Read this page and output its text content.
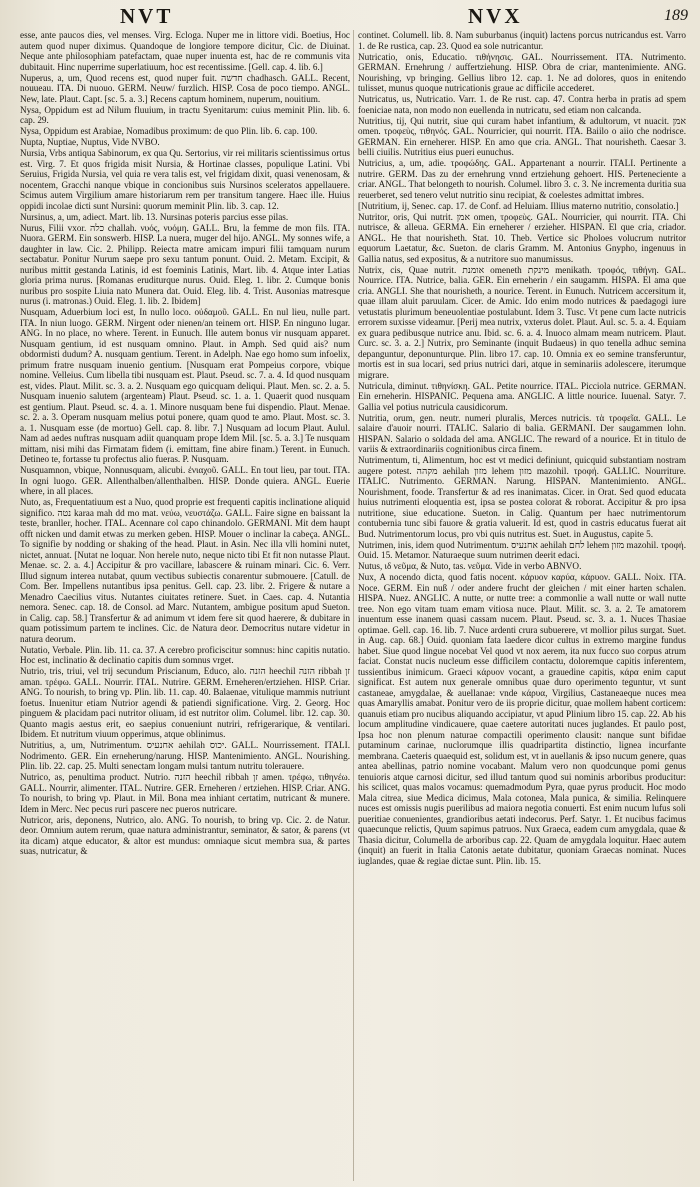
NVT	NVX	189

esse, ante paucos dies, vel menses. Virg. Ecloga. Nuper me in littore vidi. Boetius, Hoc autem quod nuper diximus. Quandoque de longiore tempore dicitur, Cic. de Diuinat. Neque ante philosophiam patefactam, quae nuper inuenta est, hac de re communis vita dubitauit. Hinc nuperrime superlatiuum, hoc est recentissime. [Gell. cap. 4. lib. 6.]

Nuperus, a, um, Quod recens est, quod nuper fuit. חדשה chadhasch. GALL. Recent, nouueau. ITA. Di nuouo. GERM. Neuw/ furzlich. HISP. Cosa de poco tiempo. ANGL. New, late. Plaut. Capt. [sc. 5. a. 3.] Recens captum hominem, nuperum, nouitium.

Nysa, Oppidum est ad Nilum fluuium, in tractu Syenitarum: cuius meminit Plin. lib. 6. cap. 29.

Nysa, Oppidum est Arabiae, Nomadibus proximum: de quo Plin. lib. 6. cap. 100.

Nupta, Nuptiae, Nuptus, Vide NVBO.

Nursia, Vrbs antiqua Sabinorum, ex qua Qu. Sertorius, vir rei militaris scientissimus ortus est. Virg. 7. Et quos frigida misit Nursia, & Hortinae classes, populique Latini. Vbi Seruius, Frigida Nursia, vel quia re vera talis est, vel frigidam dixit, quasi venenosam, & nocentem, Gracchi nanque vbique in concionibus suis Nursinos sceleratos appellauere. Scimus autem Virgilium amare historiarum rem per transitum tangere. Haec ille. Huius oppidi incolae dicti sunt Nursini: quorum meminit Plin. lib. 3. cap. 12.

Nursinus, a, um, adiect. Mart. lib. 13. Nursinas poteris parcius esse pilas.

Nurus, Filii vxor. כלה challah. νυός, νυόμη. GALL. Bru, la femme de mon fils. ITA. Nuora. GERM. Ein sonswerb. HISP. La nuera, muger del hijo. ANGL. My sonnes wife, a daughter in law. Cic. 2. Philipp. Reiecta matre amicam impuri filii tamquam nurum sectabatur. Ponitur Nurum saepe pro sexu tantum ponunt. Ouid. 2. Metam. Excipit, & nuribus mittit gestanda Latinis, id est foeminis Latinis, Mart. lib. 4. Atque inter Latias gloria prima nurus. [Romanas eruditurque nurus. Ouid. Eleg. 1. libr. 2. Cumque bonis nuribus pro sospite Liuia nato Munera dat. Ouid. Eleg. lib. 4. Trist. Ausonias matresque nurus (i. matronas.) Ouid. Eleg. 1. lib. 2. Ibidem]

Nusquam, Aduerbium loci est, In nullo loco. οὐδαμοῦ. GALL. En nul lieu, nulle part. ITA. In niun luogo. GERM. Nirgent oder nienen/an teinem ort. HISP. En ninguno lugar. ANG. In no place, no where. Terent. in Eunuch. Ille autem bonus vir nusquam apparet. Nusquam gentium, id est nusquam omnino. Plaut. in Amph. Sed quid ais? num obdormisti dudum? A. nusquam gentium. Terent. in Adelph. Nae ego homo sum infoelix, primum fratre nusquam inuenio gentium. [Nusquam erat Pompeius corpore, vbique nomine. Velleius. Cum libella tibi nusquam est. Plaut. Pseud. sc. 7. a. 4. Id quod nusquam est, vides. Plaut. Milit. sc. 3. a. 2. Nusquam ego quicquam deliqui. Plaut. Men. sc. 2. a. 5. Nusquam inuenio salutem (argenteam) Plaut. Pseud. sc. 1. a. 1. Quaerit quod nusquam est gentium. Plaut. Pseud. sc. 4. a. 1. Minore nusquam bene fui dispendio. Plaut. Menae. sc. 2. a. 3. Operam nusquam melius potui ponere, quam quod te amo. Plaut. Most. sc. 3. a. 1. Nusquam esse (de mortuo) Gell. cap. 8. libr. 7.] Nusquam ad locum Plaut. Aulul. Nam ad aedes nuftras nusquam adiit quanquam prope Idem Mil. [sc. 5. a. 3.] Te nusquam mittam, nisi mihi das Firmatam fidem (i. emittam, fine abire finam.) Terent. in Eunuch. Detineo te, fortasse tu profectus alio fueras. P. Nusquam.

Nusquamnon, vbique, Nonnusquam, alicubi. ἐνιαχοῦ. GALL. En tout lieu, par tout. ITA. In ogni luogo. GER. Allenthalben/allenthalben. HISP. Donde quiera. ANGL. Euerie where, in all places.

Nuto, as, Frequentatiuum est a Nuo, quod proprie est frequenti capitis inclinatione aliquid significo. נטה karaa mah dd mo mat. νεύω, νευστάζω. GALL. Faire signe en baissant la teste, branller, hocher. ITAL. Acennare col capo chinandolo. GERMANI. Mit dem haupt offt nicken und damit etwas zu merken geben. HISP. Mouer o inclinar la cabeça. ANGL. To signifie by nodding or shaking of the head. Plaut. in Asin. Nec illa vlli homini nutet, nictet, annuat. [Nutat ne loquar. Non herele nuto, neque nicto tibi Et fit non nutasse Plaut. Menae. sc. 2. a. 4.] Accipitur & pro vacillare, labascere & ruinam minari. Cic. 6. Verr. Illud signum interea nutabat, quum vectibus subiectis conarentur submouere. [Catull. de Com. Ber. Impellens nutantibus ipsa penitus. Gell. cap. 23. libr. 2. Frigere & nutare a Menadro Caecilius vitus. Nutantes ciuitates retinere. Suet. in Caes. cap. 4. Nutantia nemora. Senec. cap. 18. de Consol. ad Marc. Nutantem, ambigue positum apud Sueton. in Calig. cap. 58.] Transfertur & ad animum vt idem fere sit quod haerere, & dubitare in quam potissimum partem te inclines. Cic. de Natura deor. Democritus nutare videtur in natura deorum.

Nutatio, Verbale. Plin. lib. 11. ca. 37. A cerebro proficiscitur somnus: hinc capitis nutatio. Hoc est, inclinatio & declinatio capitis dum somnus vrget.

Nutrio, tris, triui, vel trij secundum Priscianum, Educo, alo. הזנה heechil הזנה ribbah זן aman. τρέφω. GALL. Nourrir. ITAL. Nutrire. GERM. Erneheren/ertziehen. HISP. Criar. ANG. To nourish, to bring vp. Plin. lib. 11. cap. 40. Balaenae, vitulique mammis nutriunt foetus. Inuenitur etiam Nutrior agendi & patiendi significatione. Virg. 2. Georg. Hoc pinguem & placidam paci nutritor oliuam, id est nutritor olim. Columel. libr. 12. cap. 30. Quanto magis aestus erit, eo saepius conueniunt nutriri, refrigerarique, & ventilari. Ibidem. Et nutritum viuum opperimus, atque oblinimus.

Nutritius, a, um, Nutrimentum. אחנעיס aehilah יכוס. GALL. Nourrissement. ITALI. Nodrimento. GER. Ein erneherung/narung. HISP. Mantenimiento. ANGL. Nourishing. Plin. lib. 22. cap. 25. Multi senectam longam mulsi tantum nutritu tolerauere.

Nutrico, as, penultima product. Nutrio. הזנה heechil ribbah זן amen. τρέφω, τιθηνέω. GALL. Nourrir, alimenter. ITAL. Nutrire. GER. Erneheren / ertziehen. HISP. Criar. ANG. To nourish, to bring vp. Plaut. in Mil. Bona mea inhiant certatim, nutricant & munere. Idem in Merc. Nec pecus ruri pascere nec pueros nutricare.

Nutricor, aris, deponens, Nutrico, alo. ANG. To nourish, to bring vp. Cic. 2. de Natur. deor. Omnium autem rerum, quae natura administrantur, seminator, & sator, & parens (vt ita dicam) atque educator, & altor est mundus: omniaque sicut membra sua, & partes suas, nutricatur, &

continet. Columell. lib. 8. Nam suburbanus (inquit) lactens porcus nutricandus est. Varro 1. de Re rustica, cap. 23. Quod ea sole nutricantur.

Nutricatio, onis, Educatio. τιθήνησις. GAL. Nourrissement. ITA. Nutrimento. GERMAN. Ernehrung / auffertziehung. HISP. Obra de criar, mantenimiente. ANG. Nourishing, vp bringing. Gellius libro 12. cap. 1. Ne ad dolores, quos in enitendo tulisset, munus quoque nutricationis graue ac difficile accederet.

Nutricatus, us, Nutricatio. Varr. 1. de Re rust. cap. 47. Contra herba in pratis ad spem foeniciae nata, non modo non euellenda in nutricatu, sed etiam non calcanda.

Nutritius, tij, Qui nutrit, siue qui curam habet infantium, & adultorum, vt nuacit. אמן omen. τροφεὺς, τιθηνός. GAL. Nourricier, qui nourrit. ITA. Baiilo o aiio che nodrisce. GERMAN. Ein erneherer. HISP. En amo que cria. ANGL. That nourisheth. Caesar 3. belli ciuilis. Nutritius eius pueri eunuchus.

Nutricius, a, um, adie. τροφώδης. GAL. Appartenant a nourrir. ITALI. Pertinente a nutrire. GERM. Das zu der ernehrung vnnd ertziehung gehoert. HIS. Perteneciente a criar. ANGL. That belongeth to nourish. Columel. libro 3. c. 3. Ne incrementa duritia sua reuerberet, sed tenero velut nutritio sinu recipiat, & coelestes admittat imbres.

[Nutritium, ij, Senec. cap. 17. de Conf. ad Heluiam. Illius materno nutritio, consolatio.]

Nutritor, oris, Qui nutrit. אמן omen, τροφεὺς. GAL. Nourricier, qui nourrit. ITA. Chi nutrisce, & alleua. GERMA. Ein erneherer / erzieher. HISPAN. El que cria, criador. ANGL. He that nourisheth. Stat. 10. Theb. Vertice sic Pholoes volucrum nutritor equorum Laetatur, &c. Sueton. de claris Gramm. M. Antonius Gnypho, ingenuus in Gallia natus, sed expositus, & a nutritore suo manumissus.

Nutrix, cis, Quae nutrit. אומנת omeneth מינקת menikath. τροφός, τιθήνη. GAL. Nourrice. ITA. Nutrice, balia. GER. Ein erneherin / ein saugamm. HISPA. El ama que cria. ANGLI. She that nourisheth, a nourice. Terent. in Eunuch. Nutricem accersitum it, quae illam aluit paruulam. Cicer. de Amic. Ido enim modo nutrices & paedagogi iure vetustatis plurimum beneuolentiae postulabunt. Idem 3. Tusc. Vt pene cum lacte nutricis errorem suxisse videamur. [Perij mea nutrix, vxterus dolet. Plaut. Aul. sc. 5. a. 4. Equiam ex guara pedibusque nutrice anu. Ibid. sc. 6. a. 4. Inuoco almam meam nutricem. Plaut. Curc. sc. 3. a. 2.] Nutrix, pro Seminante (inquit Budaeus) in quo tenella adhuc semina depanguntur, deponunturque. Plin. libro 17. cap. 10. Omnia ex eo semine transferuntur, mortis est in sua locari, sed prius nutrici dari, atque in seminariis adolescere, iterumque migrare.

Nutricula, diminut. τιθηνίσκη. GAL. Petite nourrice. ITAL. Picciola nutrice. GERMAN. Ein erneherin. HISPANIC. Pequena ama. ANGLIC. A little nourice. Iuuenal. Satyr. 7. Gallia vel potius nutricula causidicorum.

Nutritia, orum, gen. neutr. numeri pluralis, Merces nutricis. τὰ τροφεῖα. GALL. Le salaire d'auoir nourri. ITALIC. Salario di balia. GERMANI. Der saugammen lohn. HISPAN. Salario o soldada del ama. ANGLIC. The reward of a nourice. Et in titulo de variis & extraordinariis cognitionibus circa finem.

Nutrimentum, ti, Alimentum, hoc est vt medici definiunt, quicquid substantiam nostram augere potest. מקהה aehilah מזון lehem מזון mazohil. τροφή. GALLIC. Nourriture. ITALIC. Nutrimento. GERMAN. Narung. HISPAN. Mantenimiento. ANGL. Nourishment, foode. Transfertur & ad res inanimatas. Cicer. in Orat. Sed quod educata huius nutrimenti eloquentia est, ipsa se postea colorat & roborat. Accipitur & pro ipsa nutritione, siue educatione. Sueton. in Calig. Quantum per haec nutrimentorum contubernia tunc sibi fauore & gratia valuerit. Id est, quod in castris educatus fuerat ait Bud. Nutrimentorum locus, pro vbi quis nutritus est. Suet. in Augustus, capite 5.

Nutrimen, inis, idem quod Nutrimentum. אחנעיס aehilah לחם lehem מזון mazohil. τροφή. Ouid. 15. Metamor. Naturaeque suum nutrimen deerit edaci.

Nutus, ιδ νεῦμα, & Nuto, tas. νεῦμα. Vide in verbo ABNVO.

Nux, A nocendo dicta, quod fatis nocent. κάρυον καρύα, κάρυον. GALL. Noix. ITA. Noce. GERM. Ein nuß / oder andere frucht der gleichen / mit einer harten schalen. HISPA. Nuez. ANGLIC. A nutte, or nutte tree: a commonlie a wall nutte or wall nutte tree. Non ego vitam tuam emam vitiosa nuce. Plaut. Milit. sc. 3. a. 2. Te amatorem inuentum esse inanem quasi cassam nucem. Plaut. Pseud. sc. 3. a. 1. Nuces Thasiae optimae. Gell. cap. 16. lib. 7. Nuce ardenti crura subuerere, vt mollior pilus surgat. Suet. in Aug. cap. 68.] Ouid. quoniam fata laedere dicor cultus in extremo margine fundus habet. Siue quod lingue nocebat Vel quod vt nox aerem, ita nux fucco suo corpus atrum faciat. Constat nucis nucleum esse difficilem contactu, doloremque capitis inferentem, tussientibus inimicum. Graeci κάρυον vocant, a grauedine capitis, κάρα enim caput significat. Est autem nux generale omnibus quae duro operimento teguntur, vt sunt castaneae, amygdalae, & auellanae: vnde κάρυα, Virgilius, Castaneaeque nuces mea quas Amaryllis amabat. Ponitur vero de iis proprie dicitur, quae mollem habent corticem: quanuis etiam pro nucibus aliquando accipiatur, vt apud Plinium libro 15. cap. 22. Ab his locum amplitudine vindicauere, quae caetere autoritati nuces juglandes. Et paulo post, Ipsa hoc non plenum naturae compactili operimento clausit: nanque sunt bifidae putaminum carinae, nuclorumque illis quadripartita distinctio, lignea incurfante membrana. Caeteris quaequid est, solidum est, vt in auellanis & ipso nucum genere, quas antea abellinas, patrio nomine vocabant. Malum vero non quodcunque pomi genus tenuioris atque carnosi dicitur, sed illud tantum quod sui nominis arboribus producitur: his scilicet, quas malos vocamus: quemadmodum Pyra, quae pyrus producit. Hoc modo Mala citrea, siue Medica dicimus, Mala cotonea, Mala punica, & similia. Relinquere nuces est omissis nugis puerilibus ad maiora negotia conuerti. Est enim nucum lufus soli pueritiae conuenientes, grandioribus aetati indecorus. Perf. Satyr. 1. Et nucibus facimus quaecunque relictis, Quum sapimus patruos. Nux Graeca, eadem cum amygdala, quae & Thasia dicitur, Columella de arboribus cap. 22. Quam de amygdala loquitur. Haec autem (inquit) an fuerit in Italia Catonis aetate dubitatur, quoniam Graecas nominat. Nuces iuglandes, quae & regiae dictae sunt. Plin. lib. 15.
